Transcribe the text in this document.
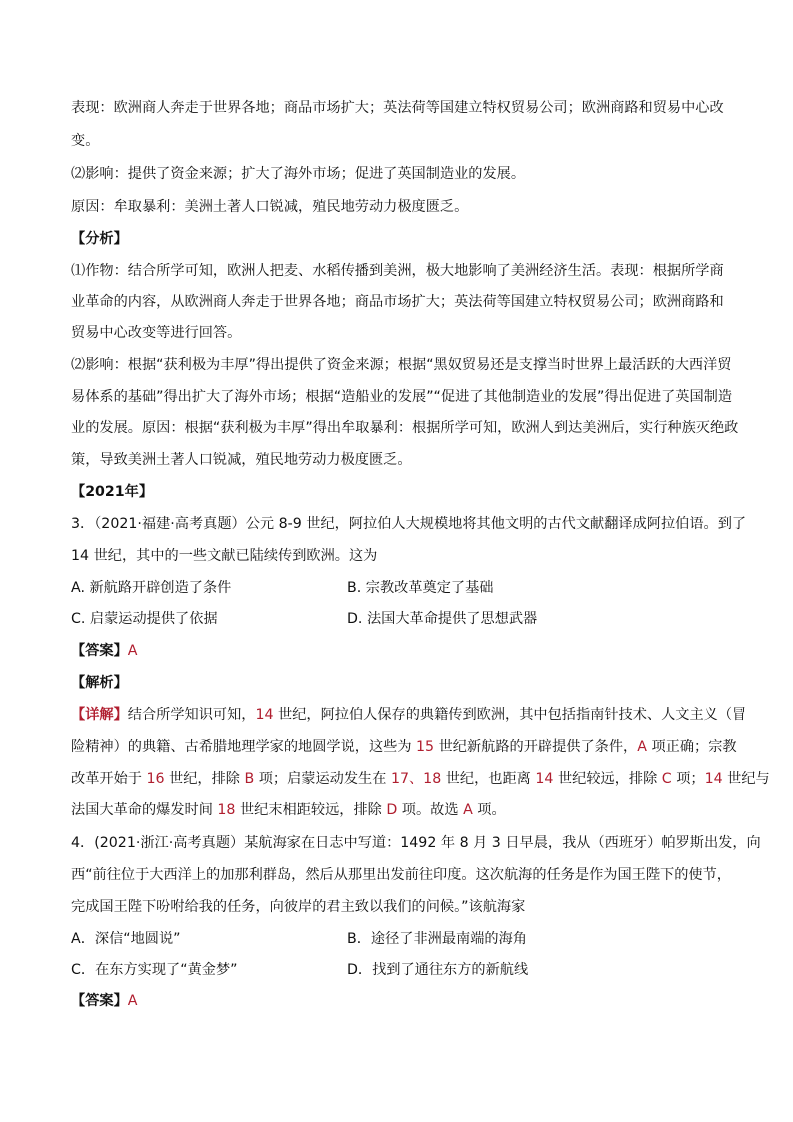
表现：欧洲商人奔走于世界各地；商品市场扩大；英法荷等国建立特权贸易公司；欧洲商路和贸易中心改
变。
⑵影响：提供了资金来源；扩大了海外市场；促进了英国制造业的发展。
原因：牟取暴利：美洲土著人口锐减，殖民地劳动力极度匮乏。
【分析】
⑴作物：结合所学可知，欧洲人把麦、水稻传播到美洲，极大地影响了美洲经济生活。表现：根据所学商
业革命的内容，从欧洲商人奔走于世界各地；商品市场扩大；英法荷等国建立特权贸易公司；欧洲商路和
贸易中心改变等进行回答。
⑵影响：根据“获利极为丰厚”得出提供了资金来源；根据“黑奴贸易还是支撑当时世界上最活跃的大西洋贸
易体系的基础”得出扩大了海外市场；根据“造船业的发展”“促进了其他制造业的发展”得出促进了英国制造
业的发展。原因：根据“获利极为丰厚”得出牟取暴利：根据所学可知，欧洲人到达美洲后，实行种族灭绝政
策，导致美洲土著人口锐减，殖民地劳动力极度匮乏。
【2021年】
3．（2021·福建·高考真题）公元 8-9 世纪，阿拉伯人大规模地将其他文明的古代文献翻译成阿拉伯语。到了
14 世纪，其中的一些文献已陆续传到欧洲。这为
A. 新航路开辟创造了条件	B. 宗教改革奠定了基础
C. 启蒙运动提供了依据	D. 法国大革命提供了思想武器
【答案】A
【解析】
【详解】结合所学知识可知，14 世纪，阿拉伯人保存的典籍传到欧洲，其中包括指南针技术、人文主义（冒
险精神）的典籍、古希腊地理学家的地圆学说，这些为 15 世纪新航路的开辟提供了条件，A 项正确；宗教
改革开始于 16 世纪，排除 B 项；启蒙运动发生在 17、18 世纪，也距离 14 世纪较远，排除 C 项；14 世纪与
法国大革命的爆发时间 18 世纪末相距较远，排除 D 项。故选 A 项。
4．(2021·浙江·高考真题）某航海家在日志中写道：1492 年 8 月 3 日早晨，我从（西班牙）帕罗斯出发，向
西“前往位于大西洋上的加那利群岛，然后从那里出发前往印度。这次航海的任务是作为国王陛下的使节，
完成国王陛下吩咐给我的任务，向彼岸的君主致以我们的问候。”该航海家
A．深信“地圆说”	B．途径了非洲最南端的海角
C．在东方实现了“黄金梦”	D．找到了通往东方的新航线
【答案】A
